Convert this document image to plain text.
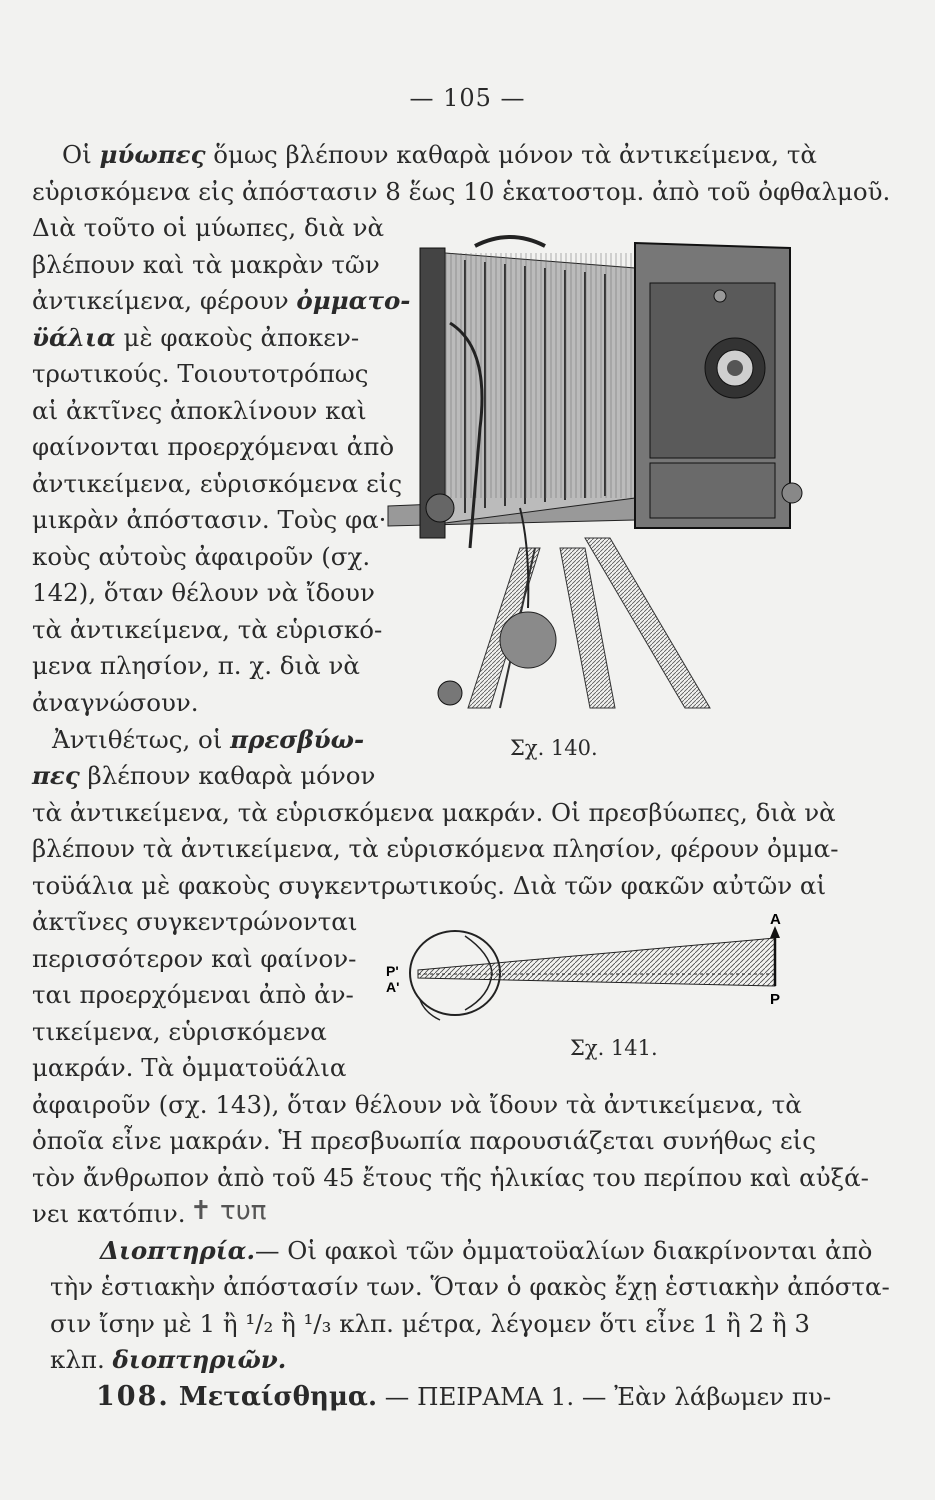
— 105 —
Οἱ μύωπες ὅμως βλέπουν καθαρὰ μόνον τὰ ἀντικείμενα, τὰ
εὑρισκόμενα εἰς ἀπόστασιν 8 ἕως 10 ἑκατοστομ. ἀπὸ τοῦ ὀφθαλμοῦ.
Διὰ τοῦτο οἱ μύωπες, διὰ νὰ
βλέπουν καὶ τὰ μακρὰν τῶν
ἀντικείμενα, φέρουν ὀμματο-
ϋάλια μὲ φακοὺς ἀποκεν-
τρωτικούς. Τοιουτοτρόπως
αἱ ἀκτῖνες ἀποκλίνουν καὶ
φαίνονται προερχόμεναι ἀπὸ
ἀντικείμενα, εὑρισκόμενα εἰς
μικρὰν ἀπόστασιν. Τοὺς φα·
κοὺς αὐτοὺς ἀφαιροῦν (σχ.
142), ὅταν θέλουν νὰ ἴδουν
τὰ ἀντικείμενα, τὰ εὑρισκό-
μενα πλησίον, π. χ. διὰ νὰ
ἀναγνώσουν.
Ἀντιθέτως, οἱ πρεσβύω-
πες βλέπουν καθαρὰ μόνον
τὰ ἀντικείμενα, τὰ εὑρισκόμενα μακράν. Οἱ πρεσβύωπες, διὰ νὰ
βλέπουν τὰ ἀντικείμενα, τὰ εὑρισκόμενα πλησίον, φέρουν ὀμμα-
τοϋάλια μὲ φακοὺς συγκεντρωτικούς. Διὰ τῶν φακῶν αὐτῶν αἱ
ἀκτῖνες συγκεντρώνονται
περισσότερον καὶ φαίνον-
ται προερχόμεναι ἀπὸ ἀν-
τικείμενα, εὑρισκόμενα
μακράν. Τὰ ὀμματοϋάλια
ἀφαιροῦν (σχ. 143), ὅταν θέλουν νὰ ἴδουν τὰ ἀντικείμενα, τὰ
ὁποῖα εἶνε μακράν. Ἡ πρεσβυωπία παρουσιάζεται συνήθως εἰς
τὸν ἄνθρωπον ἀπὸ τοῦ 45 ἔτους τῆς ἡλικίας του περίπου καὶ αὐξά-
νει κατόπιν.
Διοπτηρία.— Οἱ φακοὶ τῶν ὀμματοϋαλίων διακρίνονται ἀπὸ
τὴν ἑστιακὴν ἀπόστασίν των. Ὅταν ὁ φακὸς ἔχῃ ἑστιακὴν ἀπόστα-
σιν ἴσην μὲ 1 ἢ ¹/₂ ἢ ¹/₃ κλπ. μέτρα, λέγομεν ὅτι εἶνε 1 ἢ 2 ἢ 3
κλπ. διοπτηριῶν.
108. Μεταίσθημα. — ΠΕΙΡΑΜΑ 1. — Ἐὰν λάβωμεν πυ-
✝ τυπ
Σχ. 140.
A
P
P'
A'
Σχ. 141.
